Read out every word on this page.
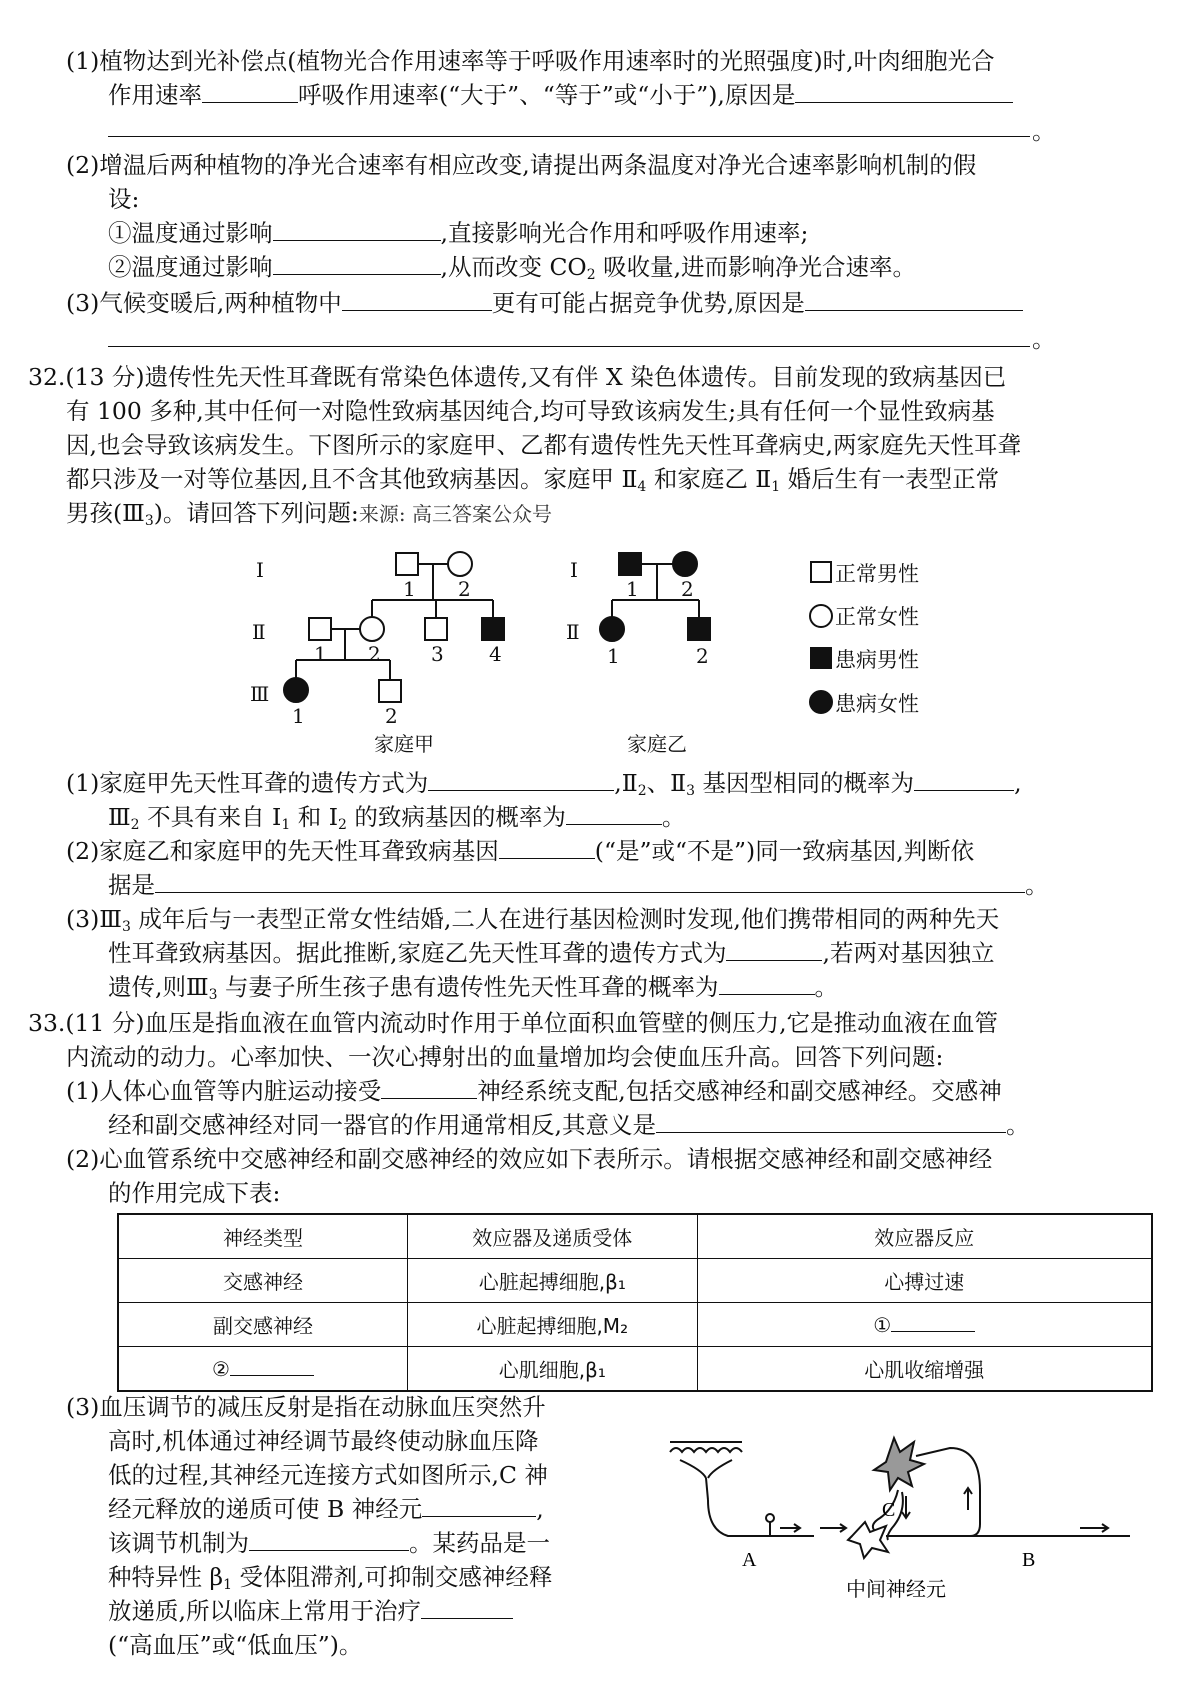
(1)植物达到光补偿点(植物光合作用速率等于呼吸作用速率时的光照强度)时,叶肉细胞光合
作用速率	呼吸作用速率(“大于”、“等于”或“小于”),原因是
。
(2)增温后两种植物的净光合速率有相应改变,请提出两条温度对净光合速率影响机制的假
设:
①温度通过影响	,直接影响光合作用和呼吸作用速率;
②温度通过影响	,从而改变 $CO_2$ 吸收量,进而影响净光合速率。
(3)气候变暖后,两种植物中	更有可能占据竞争优势,原因是
。
32.(13 分)遗传性先天性耳聋既有常染色体遗传,又有伴 X 染色体遗传。目前发现的致病基因已
有 100 多种,其中任何一对隐性致病基因纯合,均可导致该病发生;具有任何一个显性致病基
因,也会导致该病发生。下图所示的家庭甲、乙都有遗传性先天性耳聋病史,两家庭先天性耳聋
都只涉及一对等位基因,且不含其他致病基因。家庭甲 $Ⅱ_4$ 和家庭乙 $Ⅱ_1$ 婚后生有一表型正常
男孩$(Ⅲ_3)$。请回答下列问题:来源: 高三答案公众号
Ⅰ
Ⅱ
Ⅲ
Ⅰ
Ⅱ
1 2
1 2	3 4
1	2
1 2
1	2
家庭甲	家庭乙
正常男性
正常女性
患病男性
患病女性
(1)家庭甲先天性耳聋的遗传方式为	$,Ⅱ_2$、$Ⅱ_3$ 基因型相同的概率为	,
$Ⅲ_2$ 不具有来自 $Ⅰ_1$ 和 $Ⅰ_2$ 的致病基因的概率为	。
(2)家庭乙和家庭甲的先天性耳聋致病基因	(“是”或“不是”)同一致病基因,判断依
据是	。
$(3)Ⅲ_3$ 成年后与一表型正常女性结婚,二人在进行基因检测时发现,他们携带相同的两种先天
性耳聋致病基因。据此推断,家庭乙先天性耳聋的遗传方式为	,若两对基因独立
遗传,则$Ⅲ_3$ 与妻子所生孩子患有遗传性先天性耳聋的概率为	。
33.(11 分)血压是指血液在血管内流动时作用于单位面积血管壁的侧压力,它是推动血液在血管
内流动的动力。心率加快、一次心搏射出的血量增加均会使血压升高。回答下列问题:
(1)人体心血管等内脏运动接受	神经系统支配,包括交感神经和副交感神经。交感神
经和副交感神经对同一器官的作用通常相反,其意义是	。
(2)心血管系统中交感神经和副交感神经的效应如下表所示。请根据交感神经和副交感神经
的作用完成下表:
神经类型	效应器及递质受体	效应器反应
交感神经	心脏起搏细胞,β₁	心搏过速
副交感神经	心脏起搏细胞,M₂	①
②	心肌细胞,β₁	心肌收缩增强
(3)血压调节的减压反射是指在动脉血压突然升
高时,机体通过神经调节最终使动脉血压降
低的过程,其神经元连接方式如图所示,C 神
经元释放的递质可使 B 神经元	,
该调节机制为	。某药品是一
种特异性 $\beta_1$ 受体阻滞剂,可抑制交感神经释
放递质,所以临床上常用于治疗
(“高血压”或“低血压”)。
A	B
C
中间神经元
